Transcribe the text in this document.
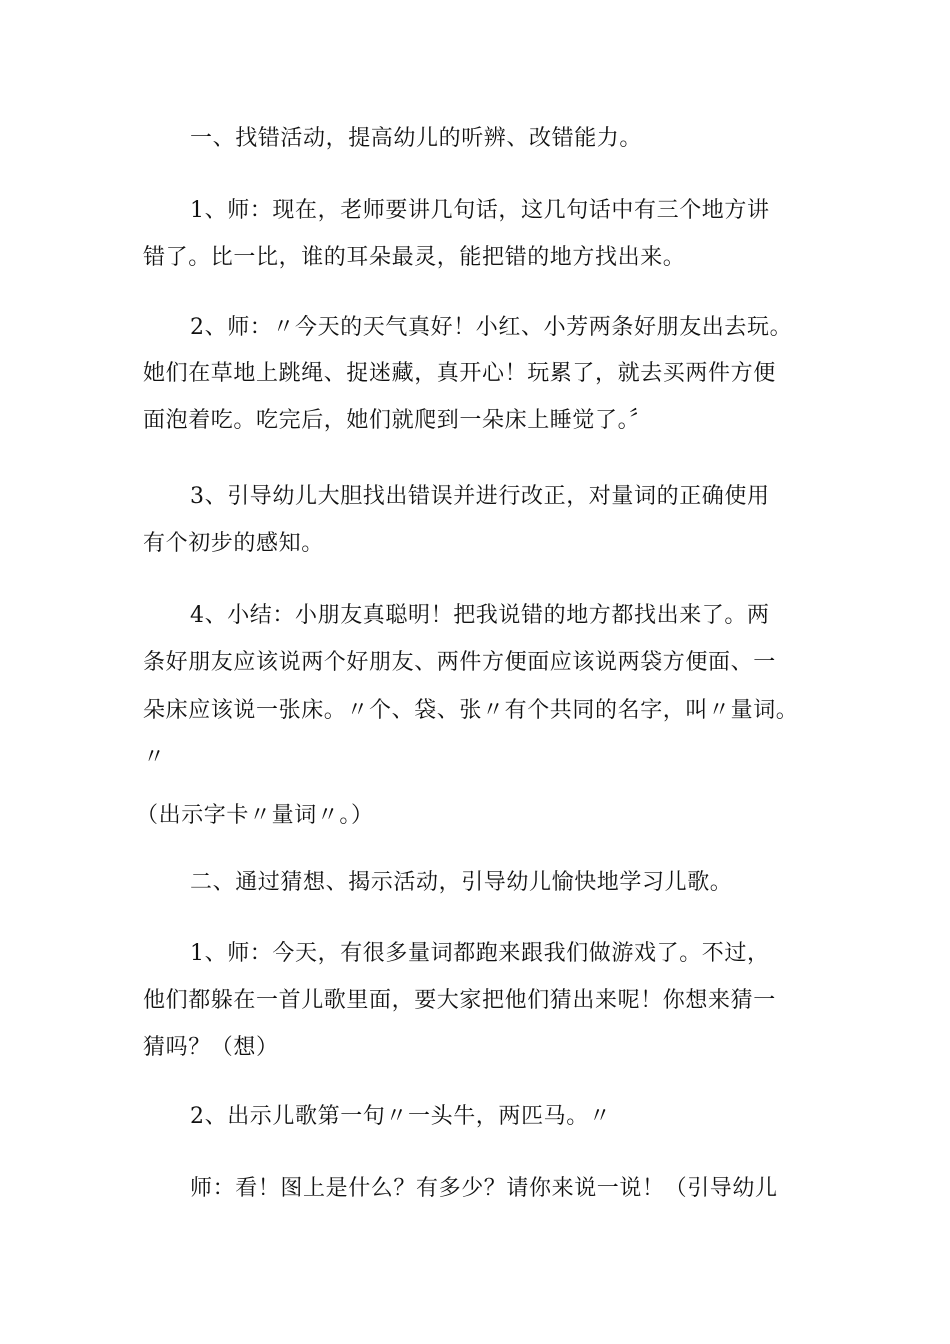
一、找错活动，提高幼儿的听辨、改错能力。
1、师：现在，老师要讲几句话，这几句话中有三个地方讲
错了。比一比，谁的耳朵最灵，能把错的地方找出来。
2、师：〃今天的天气真好！小红、小芳两条好朋友出去玩。
她们在草地上跳绳、捉迷藏，真开心！玩累了，就去买两件方便
面泡着吃。吃完后，她们就爬到一朵床上睡觉了。〞
3、引导幼儿大胆找出错误并进行改正，对量词的正确使用
有个初步的感知。
4、小结：小朋友真聪明！把我说错的地方都找出来了。两
条好朋友应该说两个好朋友、两件方便面应该说两袋方便面、一
朵床应该说一张床。〃个、袋、张〃有个共同的名字，叫〃量词。
〃
（出示字卡〃量词〃。）
二、通过猜想、揭示活动，引导幼儿愉快地学习儿歌。
1、师：今天，有很多量词都跑来跟我们做游戏了。不过，
他们都躲在一首儿歌里面，要大家把他们猜出来呢！你想来猜一
猜吗？（想）
2、出示儿歌第一句〃一头牛，两匹马。〃
师：看！图上是什么？有多少？请你来说一说！（引导幼儿
